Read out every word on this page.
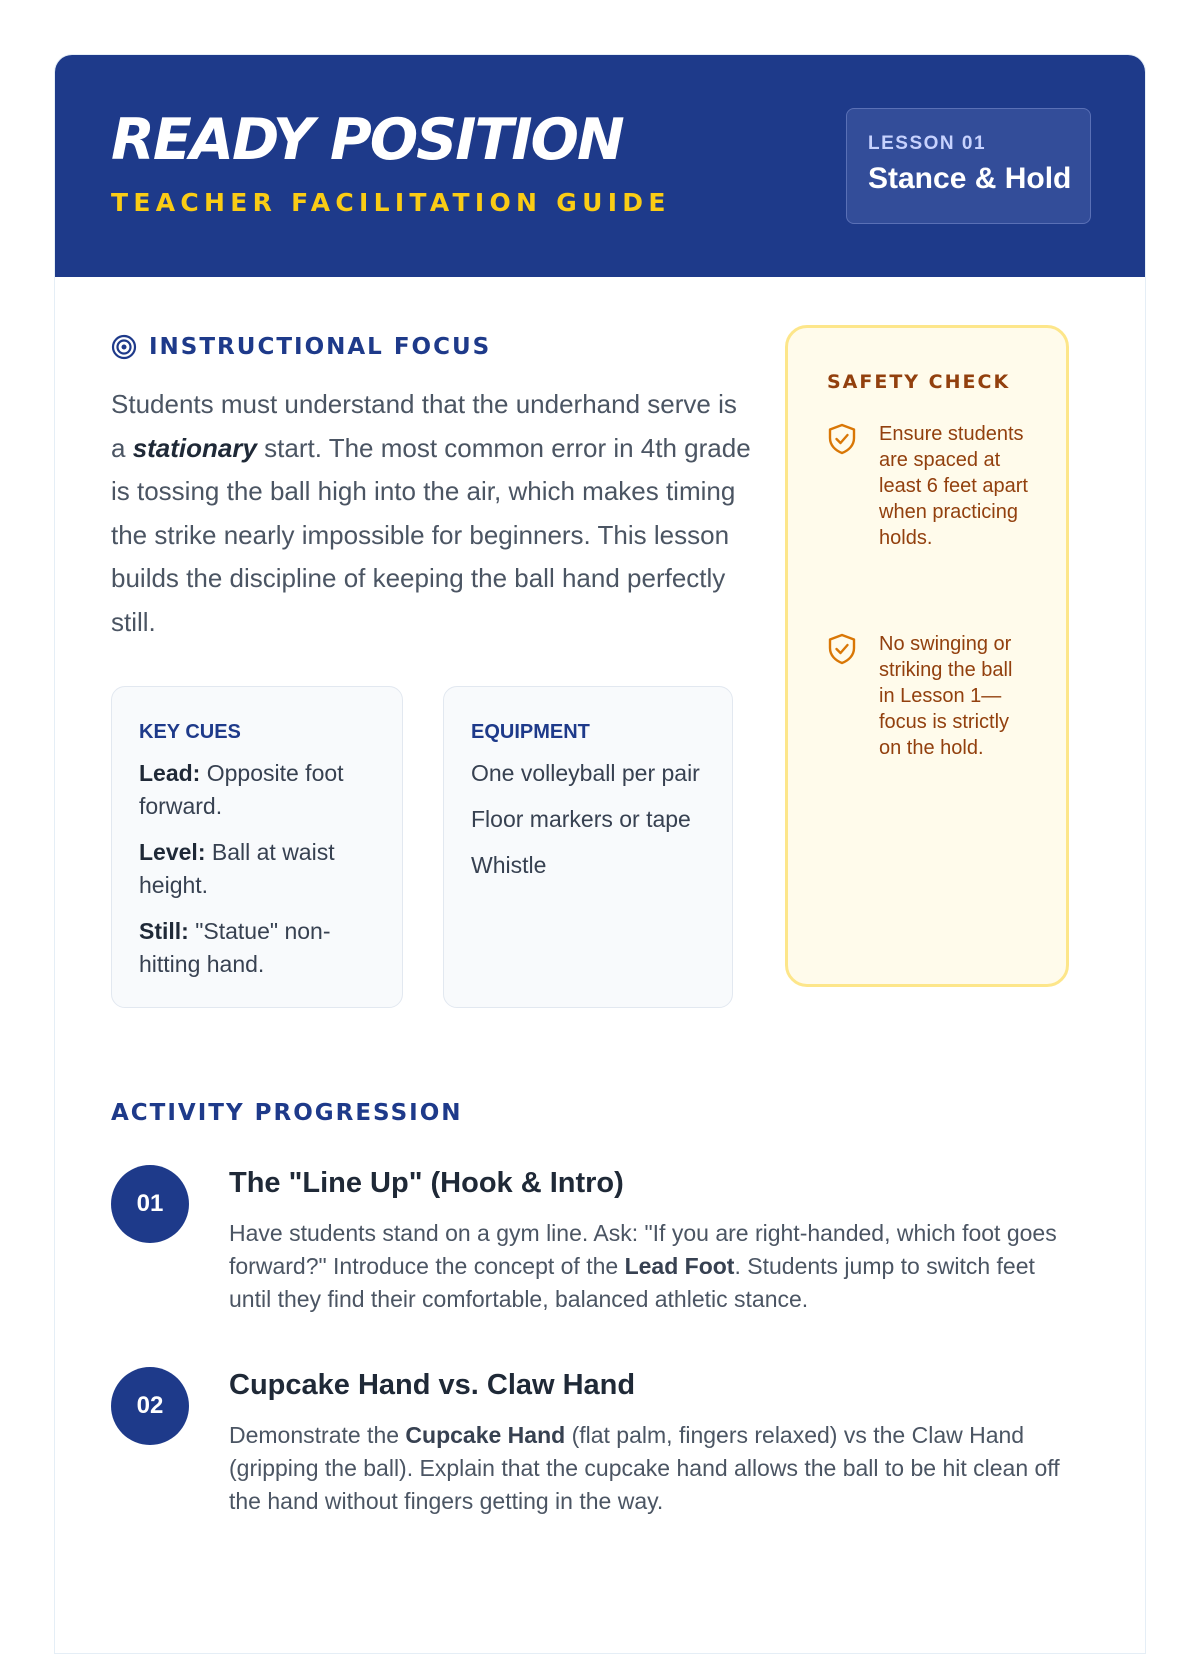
READY POSITION
TEACHER FACILITATION GUIDE
LESSON 01
Stance & Hold
INSTRUCTIONAL FOCUS

Students must understand that the underhand serve is a stationary start. The most common error in 4th grade is tossing the ball high into the air, which makes timing the strike nearly impossible for beginners. This lesson builds the discipline of keeping the ball hand perfectly still.

KEY CUES
Lead: Opposite foot forward.
Level: Ball at waist height.
Still: "Statue" non-hitting hand.
EQUIPMENT
One volleyball per pair
Floor markers or tape
Whistle
SAFETY CHECK
Ensure students are spaced at least 6 feet apart when practicing holds.
No swinging or striking the ball in Lesson 1—focus is strictly on the hold.
ACTIVITY PROGRESSION
01
The "Line Up" (Hook & Intro)

Have students stand on a gym line. Ask: "If you are right-handed, which foot goes forward?" Introduce the concept of the Lead Foot. Students jump to switch feet until they find their comfortable, balanced athletic stance.

02
Cupcake Hand vs. Claw Hand

Demonstrate the Cupcake Hand (flat palm, fingers relaxed) vs the Claw Hand (gripping the ball). Explain that the cupcake hand allows the ball to be hit clean off the hand without fingers getting in the way.
